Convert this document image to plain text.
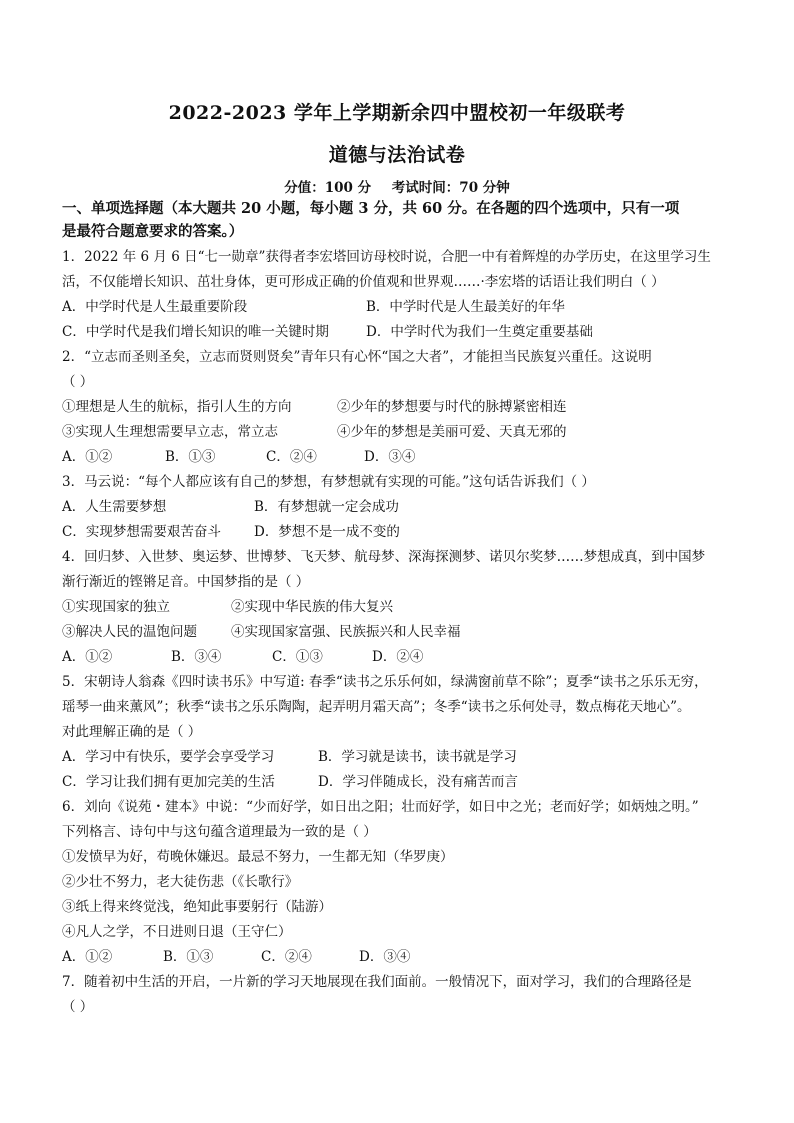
2022-2023 学年上学期新余四中盟校初一年级联考
道德与法治试卷
分值：100 分 考试时间：70 分钟
一、单项选择题（本大题共 20 小题，每小题 3 分，共 60 分。在各题的四个选项中，只有一项
是最符合题意要求的答案。）
1．2022 年 6 月 6 日“七一勋章”获得者李宏塔回访母校时说，合肥一中有着辉煌的办学历史，在这里学习生
活，不仅能增长知识、茁壮身体，更可形成正确的价值观和世界观……·李宏塔的话语让我们明白（ ）
A．中学时代是人生最重要阶段	B．中学时代是人生最美好的年华
C．中学时代是我们增长知识的唯一关键时期	D．中学时代为我们一生奠定重要基础
2．“立志而圣则圣矣，立志而贤则贤矣”青年只有心怀“国之大者”，才能担当民族复兴重任。这说明
（ ）
①理想是人生的航标，指引人生的方向	②少年的梦想要与时代的脉搏紧密相连
③实现人生理想需要早立志，常立志	④少年的梦想是美丽可爱、天真无邪的
A．①②	B．①③	C．②④	D．③④
3．马云说：“每个人都应该有自己的梦想，有梦想就有实现的可能。”这句话告诉我们（ ）
A．人生需要梦想	B．有梦想就一定会成功
C．实现梦想需要艰苦奋斗 D．梦想不是一成不变的
4．回归梦、入世梦、奥运梦、世博梦、飞天梦、航母梦、深海探测梦、诺贝尔奖梦……梦想成真，到中国梦
渐行渐近的铿锵足音。中国梦指的是（ ）
①实现国家的独立	②实现中华民族的伟大复兴
③解决人民的温饱问题	④实现国家富强、民族振兴和人民幸福
A．①②	B．③④	C．①③	D．②④
5．宋朝诗人翁森《四时读书乐》中写道: 春季“读书之乐乐何如，绿满窗前草不除”；夏季“读书之乐乐无穷，
瑶琴一曲来薰风”；秋季“读书之乐乐陶陶，起弄明月霜天高”；冬季“读书之乐何处寻，数点梅花天地心”。
对此理解正确的是（ ）
A．学习中有快乐，要学会享受学习	B．学习就是读书，读书就是学习
C．学习让我们拥有更加完美的生活	D．学习伴随成长，没有痛苦而言
6．刘向《说苑・建本》中说：“少而好学，如日出之阳；壮而好学，如日中之光；老而好学；如炳烛之明。”
下列格言、诗句中与这句蕴含道理最为一致的是（ ）
①发愤早为好，苟晚休嫌迟。最忌不努力，一生都无知（华罗庚）
②少壮不努力，老大徒伤悲（《长歌行》
③纸上得来终觉浅，绝知此事要躬行（陆游）
④凡人之学，不日进则日退（王守仁）
A．①②	B．①③	C．②④	D．③④
7．随着初中生活的开启，一片新的学习天地展现在我们面前。一般情况下，面对学习，我们的合理路径是
（ ）
